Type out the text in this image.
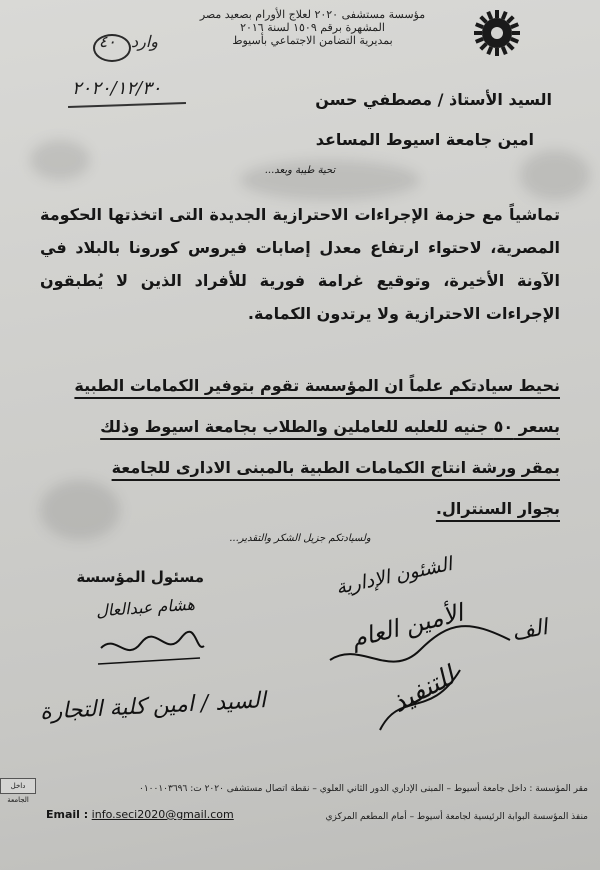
مؤسسة مستشفى ٢٠٢٠ لعلاج الأورام بصعيد مصر
المشهرة برقم ١٥٠٩ لسنة ٢٠١٦
بمديرية التضامن الاجتماعي بأسيوط
وارد ٤٠
٢٠٢٠/١٢/٣٠
السيد الأستاذ / مصطفي حسن
امين جامعة اسيوط المساعد
تحية طيبة وبعد...
تماشياً مع حزمة الإجراءات الاحترازية الجديدة التى اتخذتها الحكومة المصرية، لاحتواء ارتفاع معدل إصابات فيروس كورونا بالبلاد في الآونة الأخيرة، وتوقيع غرامة فورية للأفراد الذين لا يُطبقون الإجراءات الاحترازية ولا يرتدون الكمامة.
نحيط سيادتكم علماً ان المؤسسة تقوم بتوفير الكمامات الطبية
بسعر ٥٠ جنيه للعلبه للعاملين والطلاب بجامعة اسيوط وذلك
بمقر ورشة انتاج الكمامات الطبية بالمبنى الادارى للجامعة
بجوار السنترال.
ولسيادتكم جزيل الشكر والتقدير...
مسئول المؤسسة
هشام عبدالعال
السيد / امين كلية التجارة
الشئون الإدارية
الأمين العام
للتنفيذ
الف
داخل الجامعة
مقر المؤسسة : داخل جامعة أسيوط – المبنى الإداري الدور الثاني العلوي – نقطة اتصال مستشفى ٢٠٢٠ ت: ٠١٠٠١٠٣٦٩٦
منفذ المؤسسة البوابة الرئيسية لجامعة أسيوط – أمام المطعم المركزي
Email : info.seci2020@gmail.com
